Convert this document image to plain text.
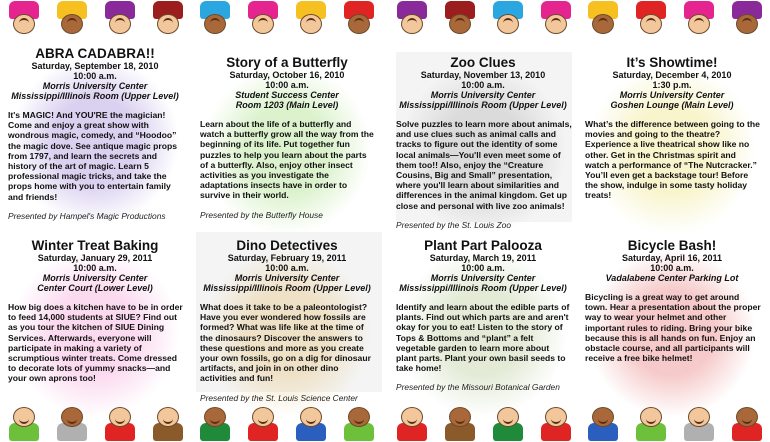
ABRA CADABRA!!
Saturday, September 18, 2010
10:00 a.m.
Morris University Center
Mississippi/Illinois Room (Upper Level)

It's MAGIC! And YOU'RE the magician! Come and enjoy a great show with wondrous magic, comedy, and “Hoodoo” the magic dove. See antique magic props from 1797, and learn the secrets and history of the art of magic. Learn 5 professional magic tricks, and take the props home with you to entertain family and friends!

Presented by Hampel's Magic Productions

Story of a Butterfly
Saturday, October 16, 2010
10:00 a.m.
Student Success Center
Room 1203 (Main Level)

Learn about the life of a butterfly and watch a butterfly grow all the way from the beginning of its life. Put together fun puzzles to help you learn about the parts of a butterfly. Also, enjoy other insect activities as you investigate the adaptations insects have in order to survive in their world.

Presented by the Butterfly House

Winter Treat Baking
Saturday, January 29, 2011
10:00 a.m.
Morris University Center
Center Court (Lower Level)

How big does a kitchen have to be in order to feed 14,000 students at SIUE? Find out as you tour the kitchen of SIUE Dining Services. Afterwards, everyone will participate in making a variety of scrumptious winter treats. Come dressed to decorate lots of yummy snacks—and your own aprons too!

Dino Detectives
Saturday, February 19, 2011
10:00 a.m.
Morris University Center
Mississippi/Illinois Room (Upper Level)

What does it take to be a paleontologist? Have you ever wondered how fossils are formed? What was life like at the time of the dinosaurs? Discover the answers to these questions and more as you create your own fossils, go on a dig for dinosaur artifacts, and join in on other dino activities and fun!

Presented by the St. Louis Science Center

Zoo Clues
Saturday, November 13, 2010
10:00 a.m.
Morris University Center
Mississippi/Illinois Room (Upper Level)

Solve puzzles to learn more about animals, and use clues such as animal calls and tracks to figure out the identity of some local animals—You'll even meet some of them too!! Also, enjoy the “Creature Cousins, Big and Small” presentation, where you'll learn about similarities and differences in the animal kingdom. Get up close and personal with live zoo animals!

Presented by the St. Louis Zoo

It’s Showtime!
Saturday, December 4, 2010
1:30 p.m.
Morris University Center
Goshen Lounge (Main Level)

What’s the difference between going to the movies and going to the theatre? Experience a live theatrical show like no other. Get in the Christmas spirit and watch a performance of “The Nutcracker.” You’ll even get a backstage tour! Before the show, indulge in some tasty holiday treats!

Plant Part Palooza
Saturday, March 19, 2011
10:00 a.m.
Morris University Center
Mississippi/Illinois Room (Upper Level)

Identify and learn about the edible parts of plants. Find out which parts are and aren't okay for you to eat! Listen to the story of Tops & Bottoms and “plant” a felt vegetable garden to learn more about plant parts. Plant your own basil seeds to take home!

Presented by the Missouri Botanical Garden

Bicycle Bash!
Saturday, April 16, 2011
10:00 a.m.
Vadalabene Center Parking Lot

Bicycling is a great way to get around town. Hear a presentation about the proper way to wear your helmet and other important rules to riding. Bring your bike because this is all hands on fun. Enjoy an obstacle course, and all participants will receive a free bike helmet!
